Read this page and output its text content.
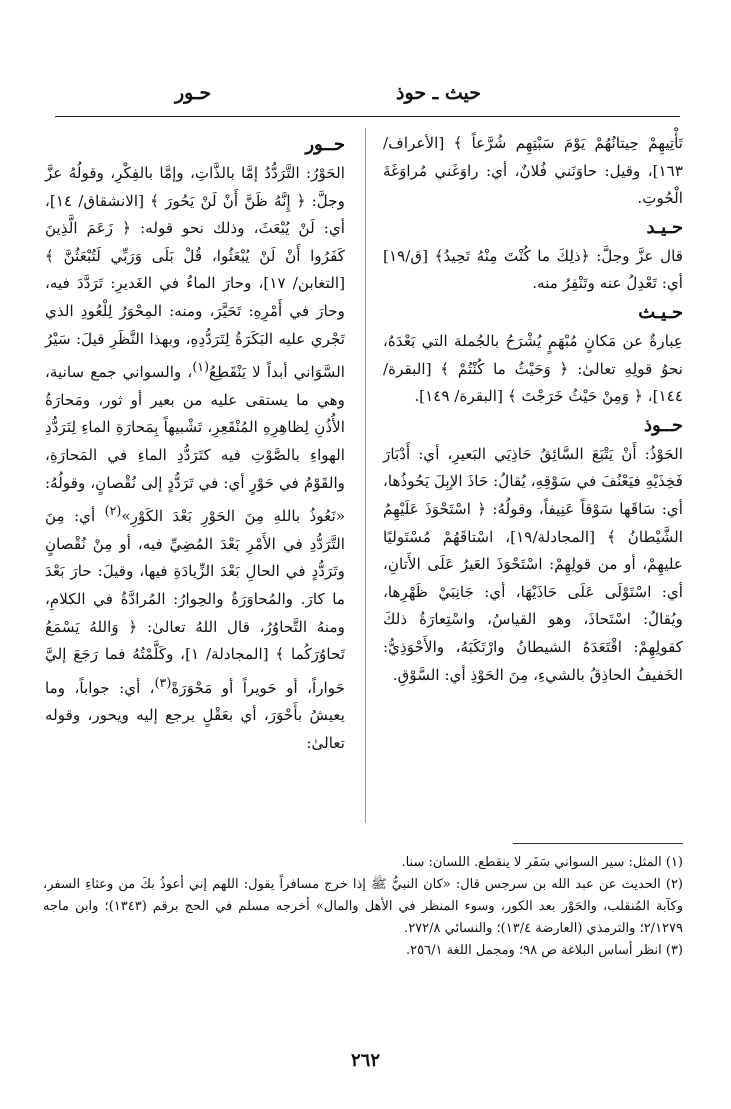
حيث ـ حوذ
حـور

تَأْتِيهِمْ حِيتانُهُمْ يَوْمَ سَبْتِهِم شُرَّعاً ﴾ [الأعراف/ ١٦٣]، وقيل: حاوَنَني فُلانٌ، أي: راوَغَني مُراوَغَةَ الْحُوتِ.

حـيـد

قال عزَّ وجلَّ: ﴿ذلِكَ ما كُنْتَ مِنْهُ تَحِيدُ﴾ [ق/١٩] أي: تَعْدِلُ عنه وتَنْفِرُ منه.

حـيـث

عِبارةٌ عن مَكانٍ مُبْهَمٍ يُشْرَحُ بالجُملة التي بَعْدَهُ، نحوُ قولِهِ تعالىٰ: ﴿ وَحَيْثُ ما كُنْتُمْ ﴾ [البقرة/ ١٤٤]، ﴿ وَمِنْ حَيْثُ خَرَجْتَ ﴾ [البقرة/ ١٤٩].

حــوذ

الحَوْذُ: أَنْ يَتْبَعَ السَّائِقُ حَاذِيَي البَعيرِ، أي: أَدْبَارَ فَخِذَيْهِ فيَعْنُفَ في سَوْقِهِ، يُقالُ: حَاذَ الإبِلَ يَحُوذُها، أي: سَاقَها سَوْقاً عَنِيفاً، وقولُهُ: ﴿ اسْتَحْوَذَ عَلَيْهِمُ الشَّيْطانُ ﴾ [المجادلة/١٩]، اسْتاقَهُمْ مُسْتَوليًا عليهِمْ، أو من قولِهِمْ: اسْتَحْوَذَ العَيرُ عَلَى الأَتانِ، أي: اسْتَوْلَى عَلَى حَاذَيْهَا، أي: جَانِبَيْ ظَهْرِها، ويُقالُ: اسْتَحاذَ، وهو القياسُ، واسْتِعارَةُ ذلكَ كقولِهِمْ: اقْتَعَدَهُ الشيطانُ وارْتَكَبَهُ، والأَحْوَذِيُّ: الخَفيفُ الحاذِقُ بالشيءِ، مِنَ الحَوْذِ أي: السَّوْقِ.

حــور

الحَوْرُ: التَّرَدُّدُ إمَّا بالذَّاتِ، وإمَّا بالفِكْرِ، وقولُهُ عزَّ وجلَّ: ﴿ إِنَّهُ ظَنَّ أَنْ لَنْ يَحُورَ ﴾ [الانشقاق/ ١٤]، أي: لَنْ يُبْعَثَ، وذلك نحو قوله: ﴿ زَعَمَ الَّذِينَ كَفَرُوا أَنْ لَنْ يُبْعَثُوا، قُلْ بَلَى وَرَبِّي لَتُبْعَثُنَّ ﴾ [التغابن/ ١٧]، وحارَ الماءُ في الغَديرِ: تَرَدَّدَ فيه، وحارَ في أَمْرِهِ: تَحَيَّرَ، ومنه: المِحْوَرُ لِلْعُودِ الذي تَجْري عليه البَكَرَةُ لِتَرَدُّدِهِ، وبهذا النَّظَرِ قيلَ: سَيْرُ السَّوَاني أبداً لا يَنْقَطِعُ$^{(١)}$، والسواني جمع سانية، وهي ما يستقى عليه من بعير أو ثور، ومَحارَةُ الأُذُنِ لِظاهِرِهِ المُنْقَعِرِ، تَشْبيهاً بِمَحارَةِ الماءِ لِتَرَدُّدِ الهواءِ بالصَّوْتِ فيه كتَرَدُّدِ الماءِ في المَحارَةِ، والقَوْمُ في حَوْرٍ أي: في تَرَدُّدٍ إلى نُقْصانٍ، وقولُهُ: «نَعُوذُ باللهِ مِنَ الحَوْرِ بَعْدَ الكَوْرِ»$^{(٢)}$ أي: مِنَ التَّرَدُّدِ في الأَمْرِ بَعْدَ المُضِيِّ فيه، أو مِنْ نُقْصانٍ وتَرَدُّدٍ في الحالِ بَعْدَ الزِّيادَةِ فيها، وقيلَ: حارَ بَعْدَ ما كارَ. والمُحاوَرَةُ والحِوارُ: المُرادَّةُ في الكلامِ، ومنهُ التَّحاوُرُ، قال اللهُ تعالىٰ: ﴿ وَاللهُ يَسْمَعُ تَحاوُرَكُما ﴾ [المجادلة/ ١]، وكَلَّمْتُهُ فما رَجَعَ إليَّ حَواراً، أو حَويراً أو مَحْوَرَةً$^{(٣)}$، أي: جواباً، وما يعيشُ بأَحْوَرَ، أي بعَقْلٍ يرجع إليه ويحور، وقوله تعالىٰ:

(١) المثل: سير السواني سَفَر لا ينقطع. اللسان: سنا.

(٢) الحديث عن عبد الله بن سرجس قال: «كان النبيُّ ﷺ إذا خرج مسافراً يقول: اللهم إني أعوذُ بكَ من وعثاءِ السفر، وكآبة المُنقلب، والحَوْر بعد الكور، وسوء المنظر في الأهل والمال» أخرجه مسلم في الحج برقم (١٣٤٣)؛ وابن ماجه ٢/١٢٧٩؛ والترمذي (العارضة ١٣/٤)؛ والنسائي ٢٧٢/٨.

(٣) انظر أساس البلاغة ص ٩٨؛ ومجمل اللغة ٢٥٦/١.

٢٦٢
